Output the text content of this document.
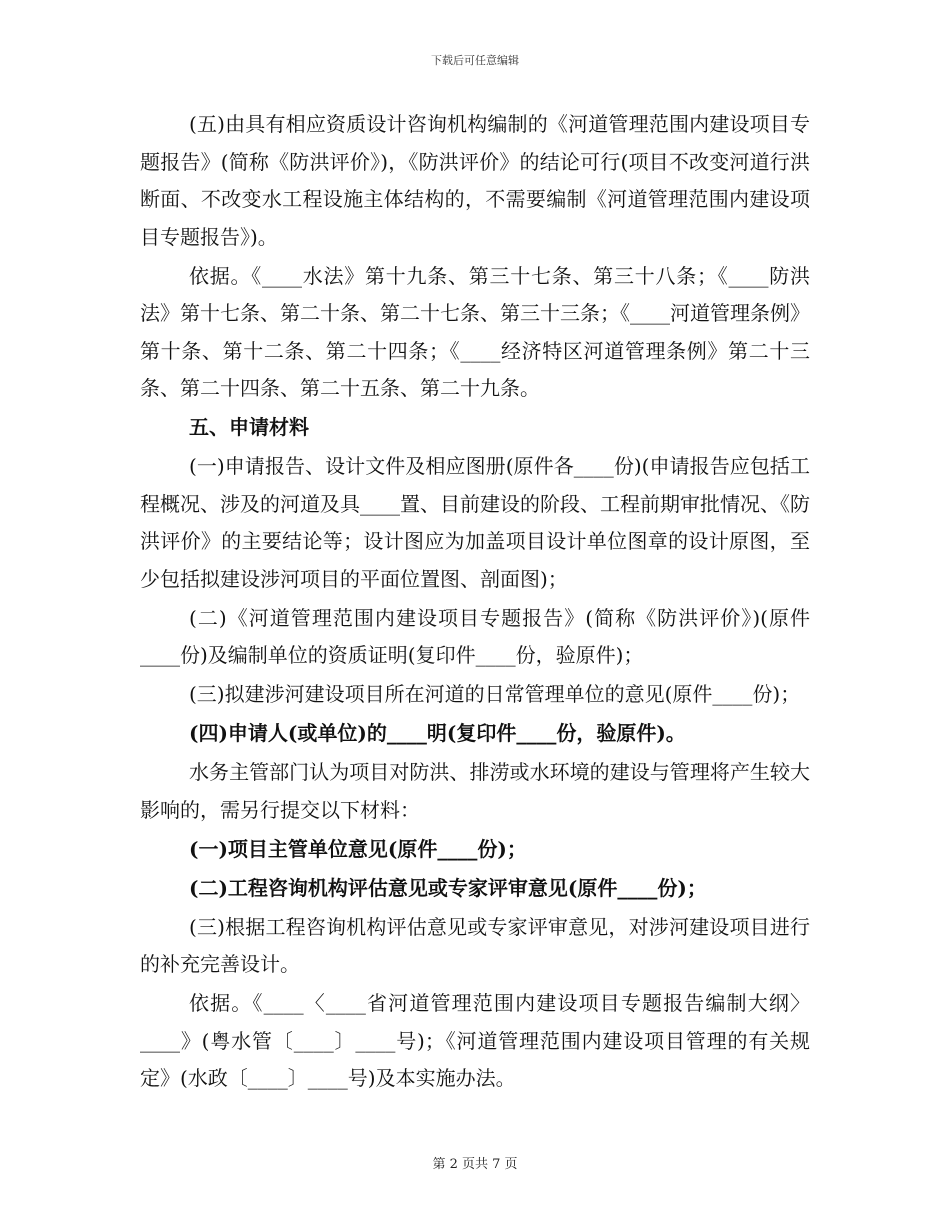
下载后可任意编辑

(五)由具有相应资质设计咨询机构编制的《河道管理范围内建设项目专题报告》(简称《防洪评价》)，《防洪评价》的结论可行(项目不改变河道行洪断面、不改变水工程设施主体结构的，不需要编制《河道管理范围内建设项目专题报告》)。

依据。《____水法》第十九条、第三十七条、第三十八条；《____防洪法》第十七条、第二十条、第二十七条、第三十三条；《____河道管理条例》第十条、第十二条、第二十四条；《____经济特区河道管理条例》第二十三条、第二十四条、第二十五条、第二十九条。

五、申请材料

(一)申请报告、设计文件及相应图册(原件各____份)(申请报告应包括工程概况、涉及的河道及具____置、目前建设的阶段、工程前期审批情况、《防洪评价》的主要结论等；设计图应为加盖项目设计单位图章的设计原图，至少包括拟建设涉河项目的平面位置图、剖面图)；

(二)《河道管理范围内建设项目专题报告》(简称《防洪评价》)(原件____份)及编制单位的资质证明(复印件____份，验原件)；

(三)拟建涉河建设项目所在河道的日常管理单位的意见(原件____份)；

(四)申请人(或单位)的____明(复印件____份，验原件)。

水务主管部门认为项目对防洪、排涝或水环境的建设与管理将产生较大影响的，需另行提交以下材料：

(一)项目主管单位意见(原件____份)；

(二)工程咨询机构评估意见或专家评审意见(原件____份)；

(三)根据工程咨询机构评估意见或专家评审意见，对涉河建设项目进行的补充完善设计。

依据。《____〈____省河道管理范围内建设项目专题报告编制大纲〉____》(粤水管〔____〕____号)；《河道管理范围内建设项目管理的有关规定》(水政〔____〕____号)及本实施办法。

第 2 页共 7 页
